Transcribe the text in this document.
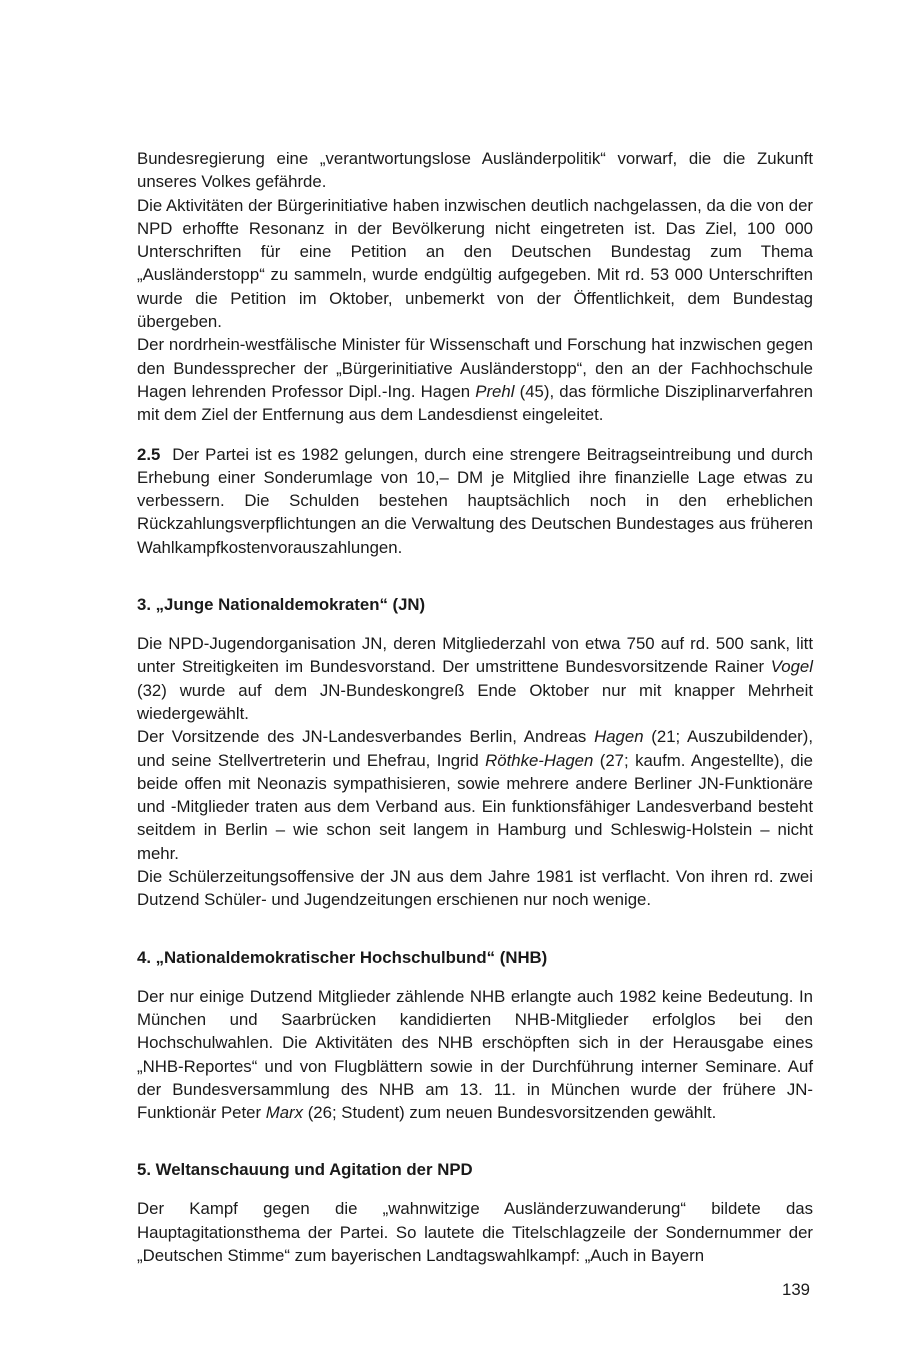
Bundesregierung eine „verantwortungslose Ausländerpolitik“ vorwarf, die die Zukunft unseres Volkes gefährde.

Die Aktivitäten der Bürgerinitiative haben inzwischen deutlich nachgelassen, da die von der NPD erhoffte Resonanz in der Bevölkerung nicht eingetreten ist. Das Ziel, 100 000 Unterschriften für eine Petition an den Deutschen Bundestag zum Thema „Ausländerstopp“ zu sammeln, wurde endgültig aufgegeben. Mit rd. 53 000 Unterschriften wurde die Petition im Oktober, unbemerkt von der Öffentlichkeit, dem Bundestag übergeben.

Der nordrhein-westfälische Minister für Wissenschaft und Forschung hat inzwischen gegen den Bundessprecher der „Bürgerinitiative Ausländerstopp“, den an der Fachhochschule Hagen lehrenden Professor Dipl.-Ing. Hagen Prehl (45), das förmliche Disziplinarverfahren mit dem Ziel der Entfernung aus dem Landesdienst eingeleitet.

2.5 Der Partei ist es 1982 gelungen, durch eine strengere Beitragseintreibung und durch Erhebung einer Sonderumlage von 10,– DM je Mitglied ihre finanzielle Lage etwas zu verbessern. Die Schulden bestehen hauptsächlich noch in den erheblichen Rückzahlungsverpflichtungen an die Verwaltung des Deutschen Bundestages aus früheren Wahlkampfkostenvorauszahlungen.

3. „Junge Nationaldemokraten“ (JN)

Die NPD-Jugendorganisation JN, deren Mitgliederzahl von etwa 750 auf rd. 500 sank, litt unter Streitigkeiten im Bundesvorstand. Der umstrittene Bundesvorsitzende Rainer Vogel (32) wurde auf dem JN-Bundeskongreß Ende Oktober nur mit knapper Mehrheit wiedergewählt.

Der Vorsitzende des JN-Landesverbandes Berlin, Andreas Hagen (21; Auszubildender), und seine Stellvertreterin und Ehefrau, Ingrid Röthke-Hagen (27; kaufm. Angestellte), die beide offen mit Neonazis sympathisieren, sowie mehrere andere Berliner JN-Funktionäre und -Mitglieder traten aus dem Verband aus. Ein funktionsfähiger Landesverband besteht seitdem in Berlin – wie schon seit langem in Hamburg und Schleswig-Holstein – nicht mehr.

Die Schülerzeitungsoffensive der JN aus dem Jahre 1981 ist verflacht. Von ihren rd. zwei Dutzend Schüler- und Jugendzeitungen erschienen nur noch wenige.

4. „Nationaldemokratischer Hochschulbund“ (NHB)

Der nur einige Dutzend Mitglieder zählende NHB erlangte auch 1982 keine Bedeutung. In München und Saarbrücken kandidierten NHB-Mitglieder erfolglos bei den Hochschulwahlen. Die Aktivitäten des NHB erschöpften sich in der Herausgabe eines „NHB-Reportes“ und von Flugblättern sowie in der Durchführung interner Seminare. Auf der Bundesversammlung des NHB am 13. 11. in München wurde der frühere JN-Funktionär Peter Marx (26; Student) zum neuen Bundesvorsitzenden gewählt.

5. Weltanschauung und Agitation der NPD

Der Kampf gegen die „wahnwitzige Ausländerzuwanderung“ bildete das Hauptagitationsthema der Partei. So lautete die Titelschlagzeile der Sondernummer der „Deutschen Stimme“ zum bayerischen Landtagswahlkampf: „Auch in Bayern

139
